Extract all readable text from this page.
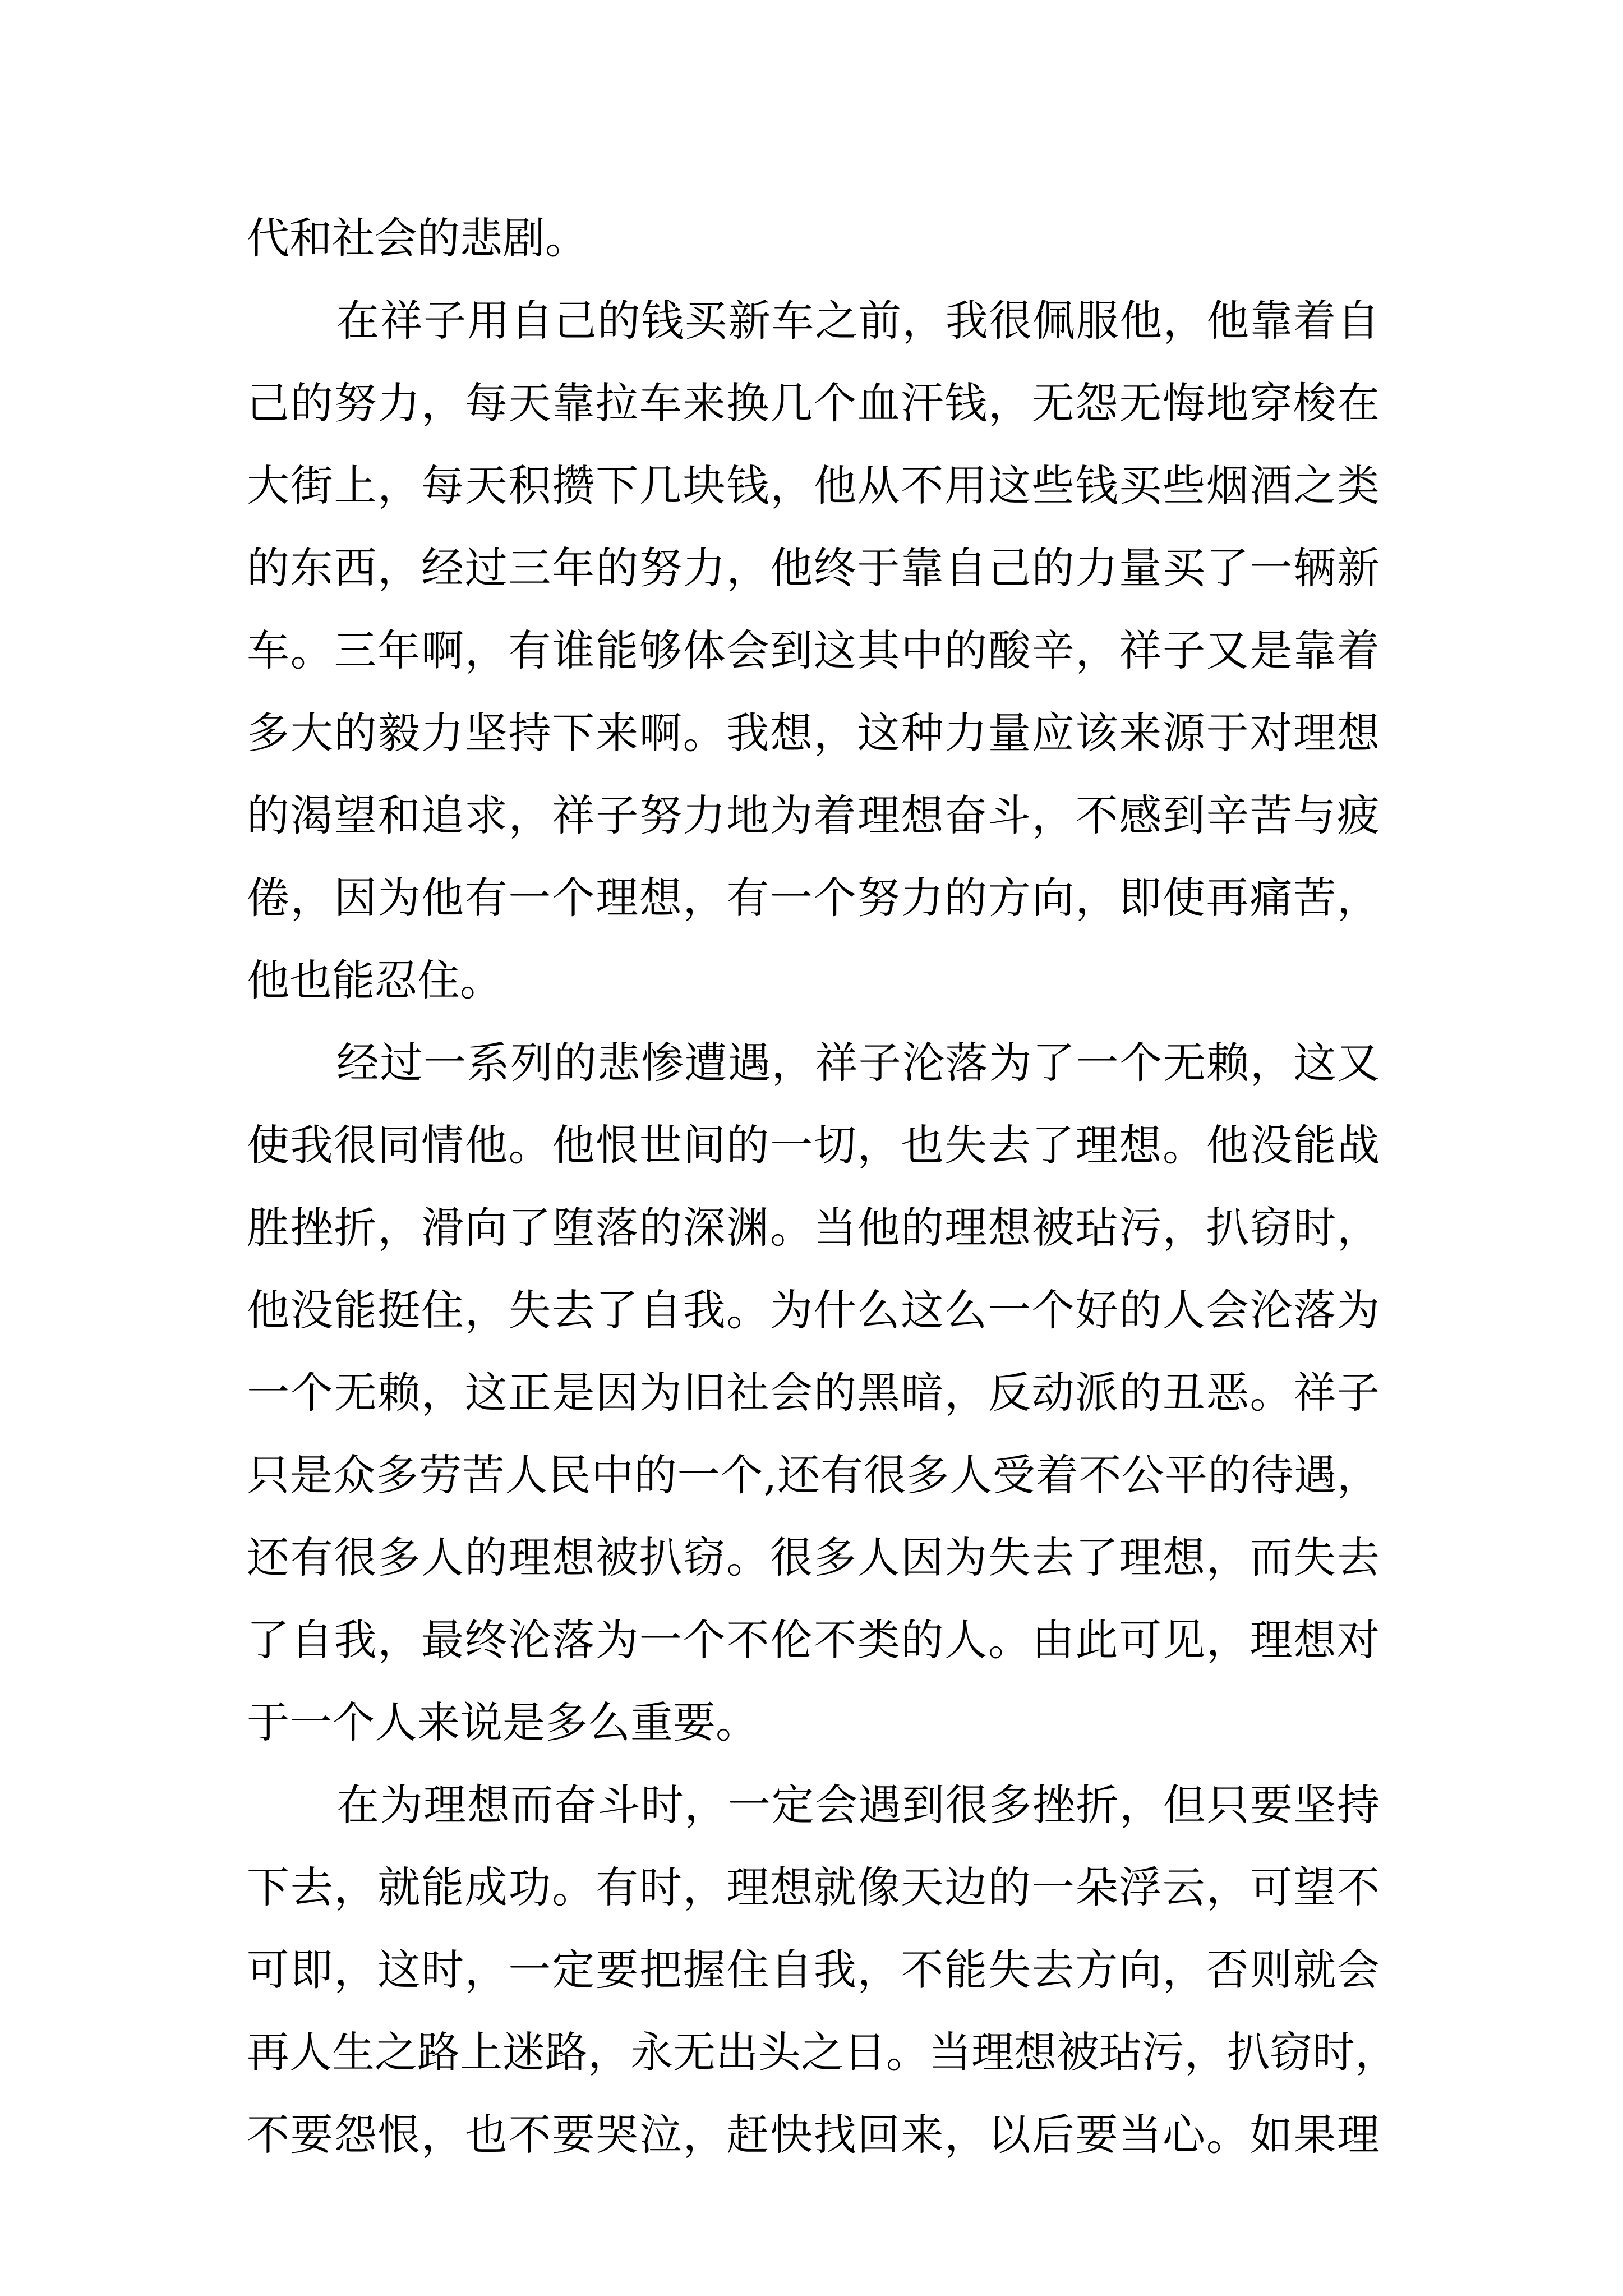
代和社会的悲剧。

在祥子用自己的钱买新车之前，我很佩服他，他靠着自

己的努力，每天靠拉车来换几个血汗钱，无怨无悔地穿梭在

大街上，每天积攒下几块钱，他从不用这些钱买些烟酒之类

的东西，经过三年的努力，他终于靠自己的力量买了一辆新

车。三年啊，有谁能够体会到这其中的酸辛，祥子又是靠着

多大的毅力坚持下来啊。我想，这种力量应该来源于对理想

的渴望和追求，祥子努力地为着理想奋斗，不感到辛苦与疲

倦，因为他有一个理想，有一个努力的方向，即使再痛苦，

他也能忍住。

经过一系列的悲惨遭遇，祥子沦落为了一个无赖，这又

使我很同情他。他恨世间的一切，也失去了理想。他没能战

胜挫折，滑向了堕落的深渊。当他的理想被玷污，扒窃时，

他没能挺住，失去了自我。为什么这么一个好的人会沦落为

一个无赖，这正是因为旧社会的黑暗，反动派的丑恶。祥子

只是众多劳苦人民中的一个,还有很多人受着不公平的待遇，

还有很多人的理想被扒窃。很多人因为失去了理想，而失去

了自我，最终沦落为一个不伦不类的人。由此可见，理想对

于一个人来说是多么重要。

在为理想而奋斗时，一定会遇到很多挫折，但只要坚持

下去，就能成功。有时，理想就像天边的一朵浮云，可望不

可即，这时，一定要把握住自我，不能失去方向，否则就会

再人生之路上迷路，永无出头之日。当理想被玷污，扒窃时，

不要怨恨，也不要哭泣，赶快找回来，以后要当心。如果理
